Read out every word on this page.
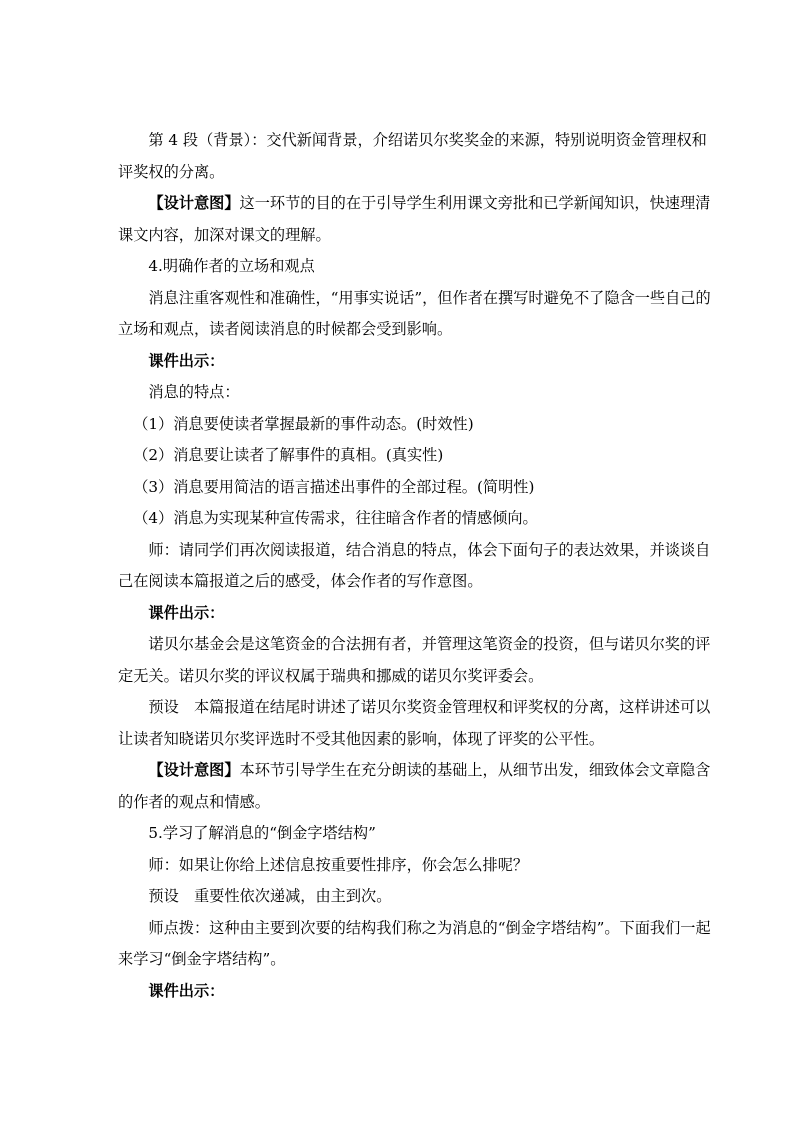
第 4 段（背景）：交代新闻背景，介绍诺贝尔奖奖金的来源，特别说明资金管理权和评奖权的分离。

【设计意图】这一环节的目的在于引导学生利用课文旁批和已学新闻知识，快速理清课文内容，加深对课文的理解。

4.明确作者的立场和观点

消息注重客观性和准确性，“用事实说话”，但作者在撰写时避免不了隐含一些自己的立场和观点，读者阅读消息的时候都会受到影响。

课件出示：

消息的特点：

（1）消息要使读者掌握最新的事件动态。(时效性)

（2）消息要让读者了解事件的真相。(真实性)

（3）消息要用简洁的语言描述出事件的全部过程。(简明性)

（4）消息为实现某种宣传需求，往往暗含作者的情感倾向。

师：请同学们再次阅读报道，结合消息的特点，体会下面句子的表达效果，并谈谈自己在阅读本篇报道之后的感受，体会作者的写作意图。

课件出示：

诺贝尔基金会是这笔资金的合法拥有者，并管理这笔资金的投资，但与诺贝尔奖的评定无关。诺贝尔奖的评议权属于瑞典和挪威的诺贝尔奖评委会。

预设 本篇报道在结尾时讲述了诺贝尔奖资金管理权和评奖权的分离，这样讲述可以让读者知晓诺贝尔奖评选时不受其他因素的影响，体现了评奖的公平性。

【设计意图】本环节引导学生在充分朗读的基础上，从细节出发，细致体会文章隐含的作者的观点和情感。

5.学习了解消息的“倒金字塔结构”

师：如果让你给上述信息按重要性排序，你会怎么排呢？

预设 重要性依次递减，由主到次。

师点拨：这种由主要到次要的结构我们称之为消息的“倒金字塔结构”。下面我们一起来学习“倒金字塔结构”。

课件出示：
